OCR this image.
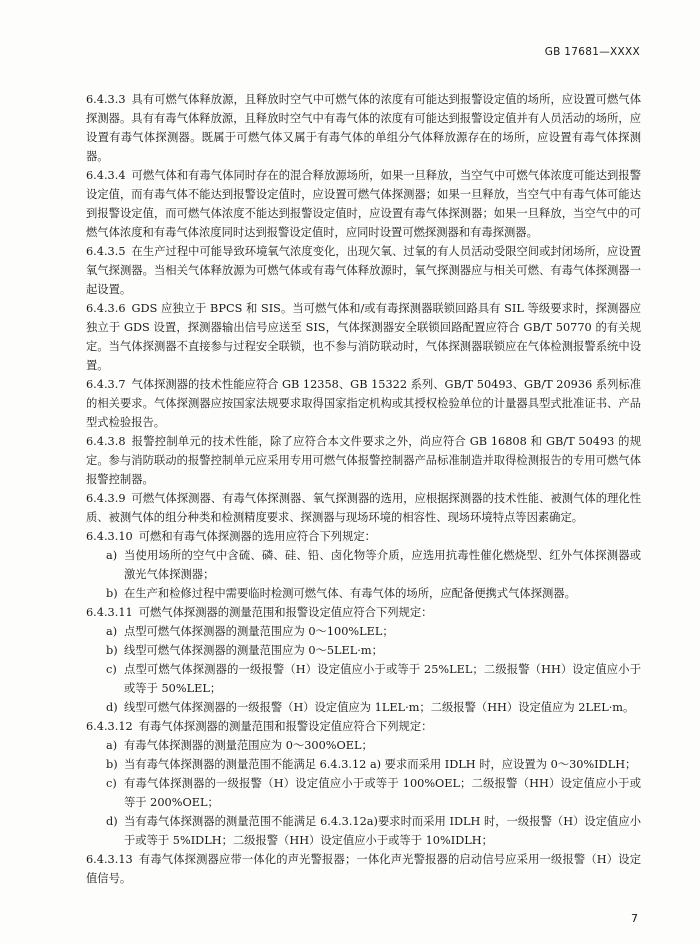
GB 17681—XXXX

6.4.3.3 具有可燃气体释放源，且释放时空气中可燃气体的浓度有可能达到报警设定值的场所，应设置可燃气体探测器。具有有毒气体释放源，且释放时空气中有毒气体的浓度有可能达到报警设定值并有人员活动的场所，应设置有毒气体探测器。既属于可燃气体又属于有毒气体的单组分气体释放源存在的场所，应设置有毒气体探测器。

6.4.3.4 可燃气体和有毒气体同时存在的混合释放源场所，如果一旦释放，当空气中可燃气体浓度可能达到报警设定值，而有毒气体不能达到报警设定值时，应设置可燃气体探测器；如果一旦释放，当空气中有毒气体可能达到报警设定值，而可燃气体浓度不能达到报警设定值时，应设置有毒气体探测器；如果一旦释放，当空气中的可燃气体浓度和有毒气体浓度同时达到报警设定值时，应同时设置可燃探测器和有毒探测器。

6.4.3.5 在生产过程中可能导致环境氧气浓度变化，出现欠氧、过氧的有人员活动受限空间或封闭场所，应设置氧气探测器。当相关气体释放源为可燃气体或有毒气体释放源时，氧气探测器应与相关可燃、有毒气体探测器一起设置。

6.4.3.6 GDS 应独立于 BPCS 和 SIS。当可燃气体和/或有毒探测器联锁回路具有 SIL 等级要求时，探测器应独立于 GDS 设置，探测器输出信号应送至 SIS，气体探测器安全联锁回路配置应符合 GB/T 50770 的有关规定。当气体探测器不直接参与过程安全联锁，也不参与消防联动时，气体探测器联锁应在气体检测报警系统中设置。

6.4.3.7 气体探测器的技术性能应符合 GB 12358、GB 15322 系列、GB/T 50493、GB/T 20936 系列标准的相关要求。气体探测器应按国家法规要求取得国家指定机构或其授权检验单位的计量器具型式批准证书、产品型式检验报告。

6.4.3.8 报警控制单元的技术性能，除了应符合本文件要求之外，尚应符合 GB 16808 和 GB/T 50493 的规定。参与消防联动的报警控制单元应采用专用可燃气体报警控制器产品标准制造并取得检测报告的专用可燃气体报警控制器。

6.4.3.9 可燃气体探测器、有毒气体探测器、氧气探测器的选用，应根据探测器的技术性能、被测气体的理化性质、被测气体的组分种类和检测精度要求、探测器与现场环境的相容性、现场环境特点等因素确定。

6.4.3.10 可燃和有毒气体探测器的选用应符合下列规定：

a) 当使用场所的空气中含硫、磷、硅、铅、卤化物等介质，应选用抗毒性催化燃烧型、红外气体探测器或激光气体探测器；

b) 在生产和检修过程中需要临时检测可燃气体、有毒气体的场所，应配备便携式气体探测器。

6.4.3.11 可燃气体探测器的测量范围和报警设定值应符合下列规定：

a) 点型可燃气体探测器的测量范围应为 0～100%LEL；

b) 线型可燃气体探测器的测量范围应为 0～5LEL·m；

c) 点型可燃气体探测器的一级报警（H）设定值应小于或等于 25%LEL；二级报警（HH）设定值应小于或等于 50%LEL；

d) 线型可燃气体探测器的一级报警（H）设定值应为 1LEL·m；二级报警（HH）设定值应为 2LEL·m。

6.4.3.12 有毒气体探测器的测量范围和报警设定值应符合下列规定：

a) 有毒气体探测器的测量范围应为 0～300%OEL；

b) 当有毒气体探测器的测量范围不能满足 6.4.3.12 a) 要求而采用 IDLH 时，应设置为 0～30%IDLH；

c) 有毒气体探测器的一级报警（H）设定值应小于或等于 100%OEL；二级报警（HH）设定值应小于或等于 200%OEL；

d) 当有毒气体探测器的测量范围不能满足 6.4.3.12a)要求时而采用 IDLH 时，一级报警（H）设定值应小于或等于 5%IDLH；二级报警（HH）设定值应小于或等于 10%IDLH；

6.4.3.13 有毒气体探测器应带一体化的声光警报器；一体化声光警报器的启动信号应采用一级报警（H）设定值信号。

7
